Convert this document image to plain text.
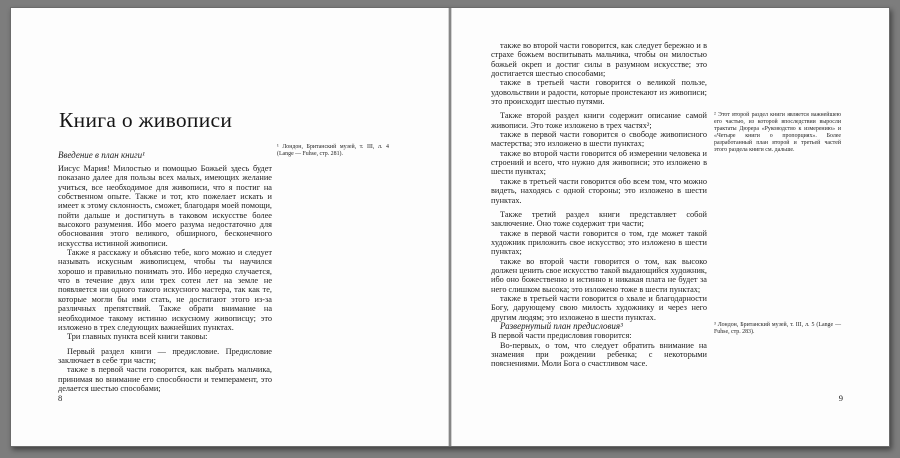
Книга о живописи
Введение в план книги¹
¹ Лондон, Британский музей, т. III, л. 4 (Lange — Fuhse, стр. 281).

Иисус Мария! Милостью и помощью Божьей здесь будет показано далее для пользы всех малых, имеющих желание учиться, все необходимое для живописи, что я постиг на собственном опыте. Также и тот, кто пожелает искать и имеет к этому склонность, сможет, благодаря моей помощи, пойти дальше и достигнуть в таковом искусстве более высокого разумения. Ибо моего разума недостаточно для обоснования этого великого, обширного, бесконечного искусства истинной живописи.

Также я расскажу и объясню тебе, кого можно и следует называть искусным живописцем, чтобы ты научился хорошо и правильно понимать это. Ибо нередко случается, что в течение двух или трех сотен лет на земле не появляется ни одного такого искусного мастера, так как те, которые могли бы ими стать, не достигают этого из-за различных препятствий. Также обрати внимание на необходимое такому истинно искусному живописцу; это изложено в трех следующих важнейших пунктах.

Три главных пункта всей книги таковы:

Первый раздел книги — предисловие. Предисловие заключает в себе три части;

также в первой части говорится, как выбрать мальчика, принимая во внимание его способности и темперамент, это делается шестью способами;

8

также во второй части говорится, как следует бережно и в страхе божьем воспитывать мальчика, чтобы он милостью божьей окреп и достиг силы в разумном искусстве; это достигается шестью способами;

также в третьей части говорится о великой пользе, удовольствии и радости, которые проистекают из живописи; это происходит шестью путями.

Также второй раздел книги содержит описание самой живописи. Это тоже изложено в трех частях²;

также в первой части говорится о свободе живописного мастерства; это изложено в шести пунктах;

также во второй части говорится об измерении человека и строений и всего, что нужно для живописи; это изложено в шести пунктах;

также в третьей части говорится обо всем том, что можно видеть, находясь с одной стороны; это изложено в шести пунктах.

Также третий раздел книги представляет собой заключение. Оно тоже содержит три части;

также в первой части говорится о том, где может такой художник приложить свое искусство; это изложено в шести пунктах;

также во второй части говорится о том, как высоко должен ценить свое искусство такой выдающийся художник, ибо оно божественно и истинно и никакая плата не будет за него слишком высока; это изложено тоже в шести пунктах;

также в третьей части говорится о хвале и благодарности Богу, дарующему свою милость художнику и через него другим людям; это изложено в шести пунктах.

Развернутый план предисловия³

В первой части предисловия говорится:

Во-первых, о том, что следует обратить внимание на знамения при рождении ребенка; с некоторыми пояснениями. Моли Бога о счастливом часе.

² Этот второй раздел книги является важнейшею его частью, из которой впоследствии выросли трактаты Дюрера «Руководство к измерению» и «Четыре книги о пропорциях». Более разработанный план второй и третьей частей этого раздела книги см. дальше.
³ Лондон, Британский музей, т. III, л. 5 (Lange — Fuhse, стр. 283).
9
